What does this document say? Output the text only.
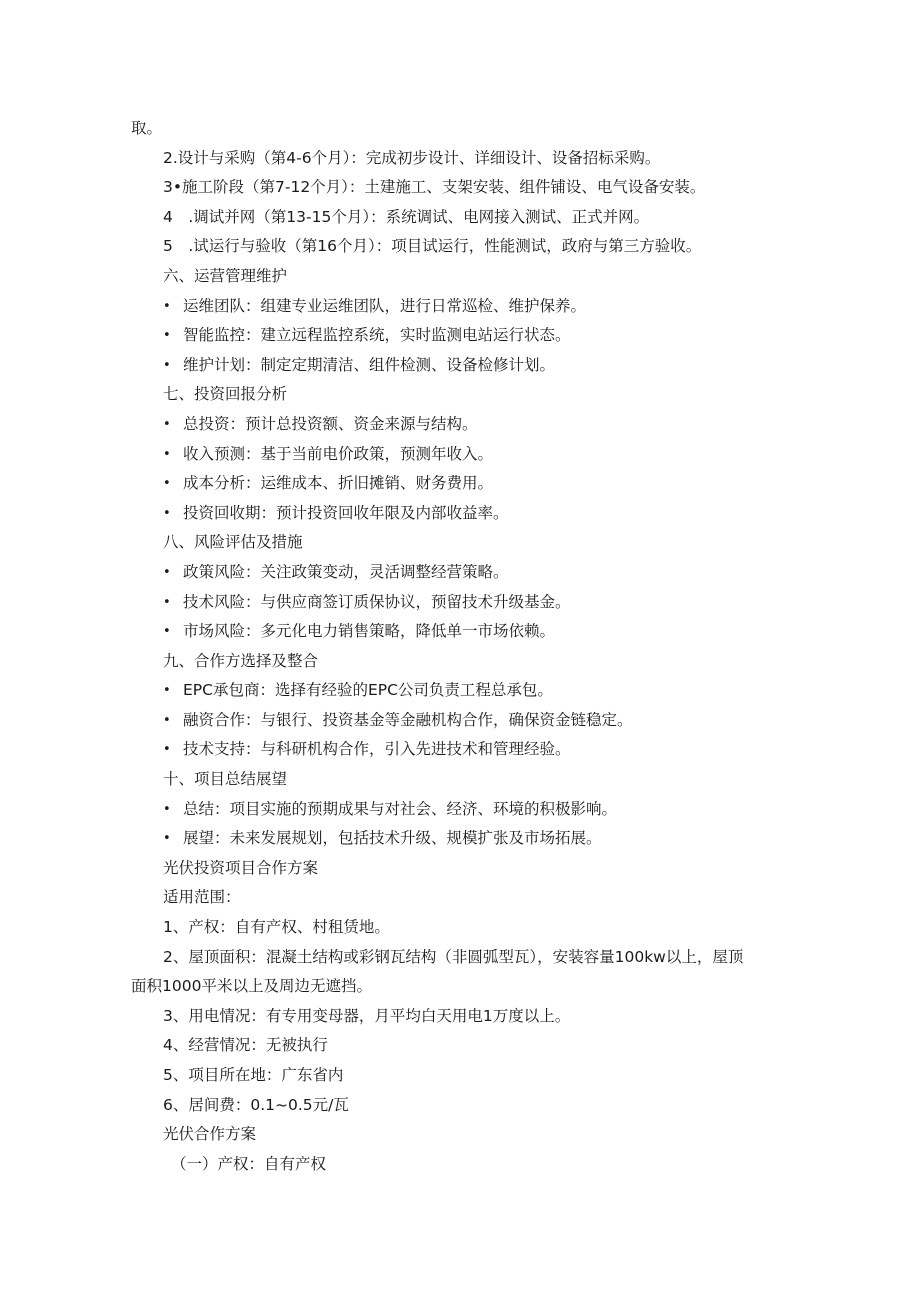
取。
2.设计与采购（第4-6个月）：完成初步设计、详细设计、设备招标采购。
3•施工阶段（第7-12个月）：土建施工、支架安装、组件铺设、电气设备安装。
4　.调试并网（第13-15个月）：系统调试、电网接入测试、正式并网。
5　.试运行与验收（第16个月）：项目试运行，性能测试，政府与第三方验收。
六、运营管理维护
• 运维团队：组建专业运维团队，进行日常巡检、维护保养。
• 智能监控：建立远程监控系统，实时监测电站运行状态。
• 维护计划：制定定期清洁、组件检测、设备检修计划。
七、投资回报分析
• 总投资：预计总投资额、资金来源与结构。
• 收入预测：基于当前电价政策，预测年收入。
• 成本分析：运维成本、折旧摊销、财务费用。
• 投资回收期：预计投资回收年限及内部收益率。
八、风险评估及措施
• 政策风险：关注政策变动，灵活调整经营策略。
• 技术风险：与供应商签订质保协议，预留技术升级基金。
• 市场风险：多元化电力销售策略，降低单一市场依赖。
九、合作方选择及整合
• EPC承包商：选择有经验的EPC公司负责工程总承包。
• 融资合作：与银行、投资基金等金融机构合作，确保资金链稳定。
• 技术支持：与科研机构合作，引入先进技术和管理经验。
十、项目总结展望
• 总结：项目实施的预期成果与对社会、经济、环境的积极影响。
• 展望：未来发展规划，包括技术升级、规模扩张及市场拓展。
光伏投资项目合作方案
适用范围：
1、产权：自有产权、村租赁地。
2、屋顶面积：混凝土结构或彩钢瓦结构（非圆弧型瓦），安装容量100kw以上，屋顶
面积1000平米以上及周边无遮挡。
3、用电情况：有专用变母器，月平均白天用电1万度以上。
4、经营情况：无被执行
5、项目所在地：广东省内
6、居间费：0.1~0.5元/瓦
光伏合作方案
（一）产权：自有产权
